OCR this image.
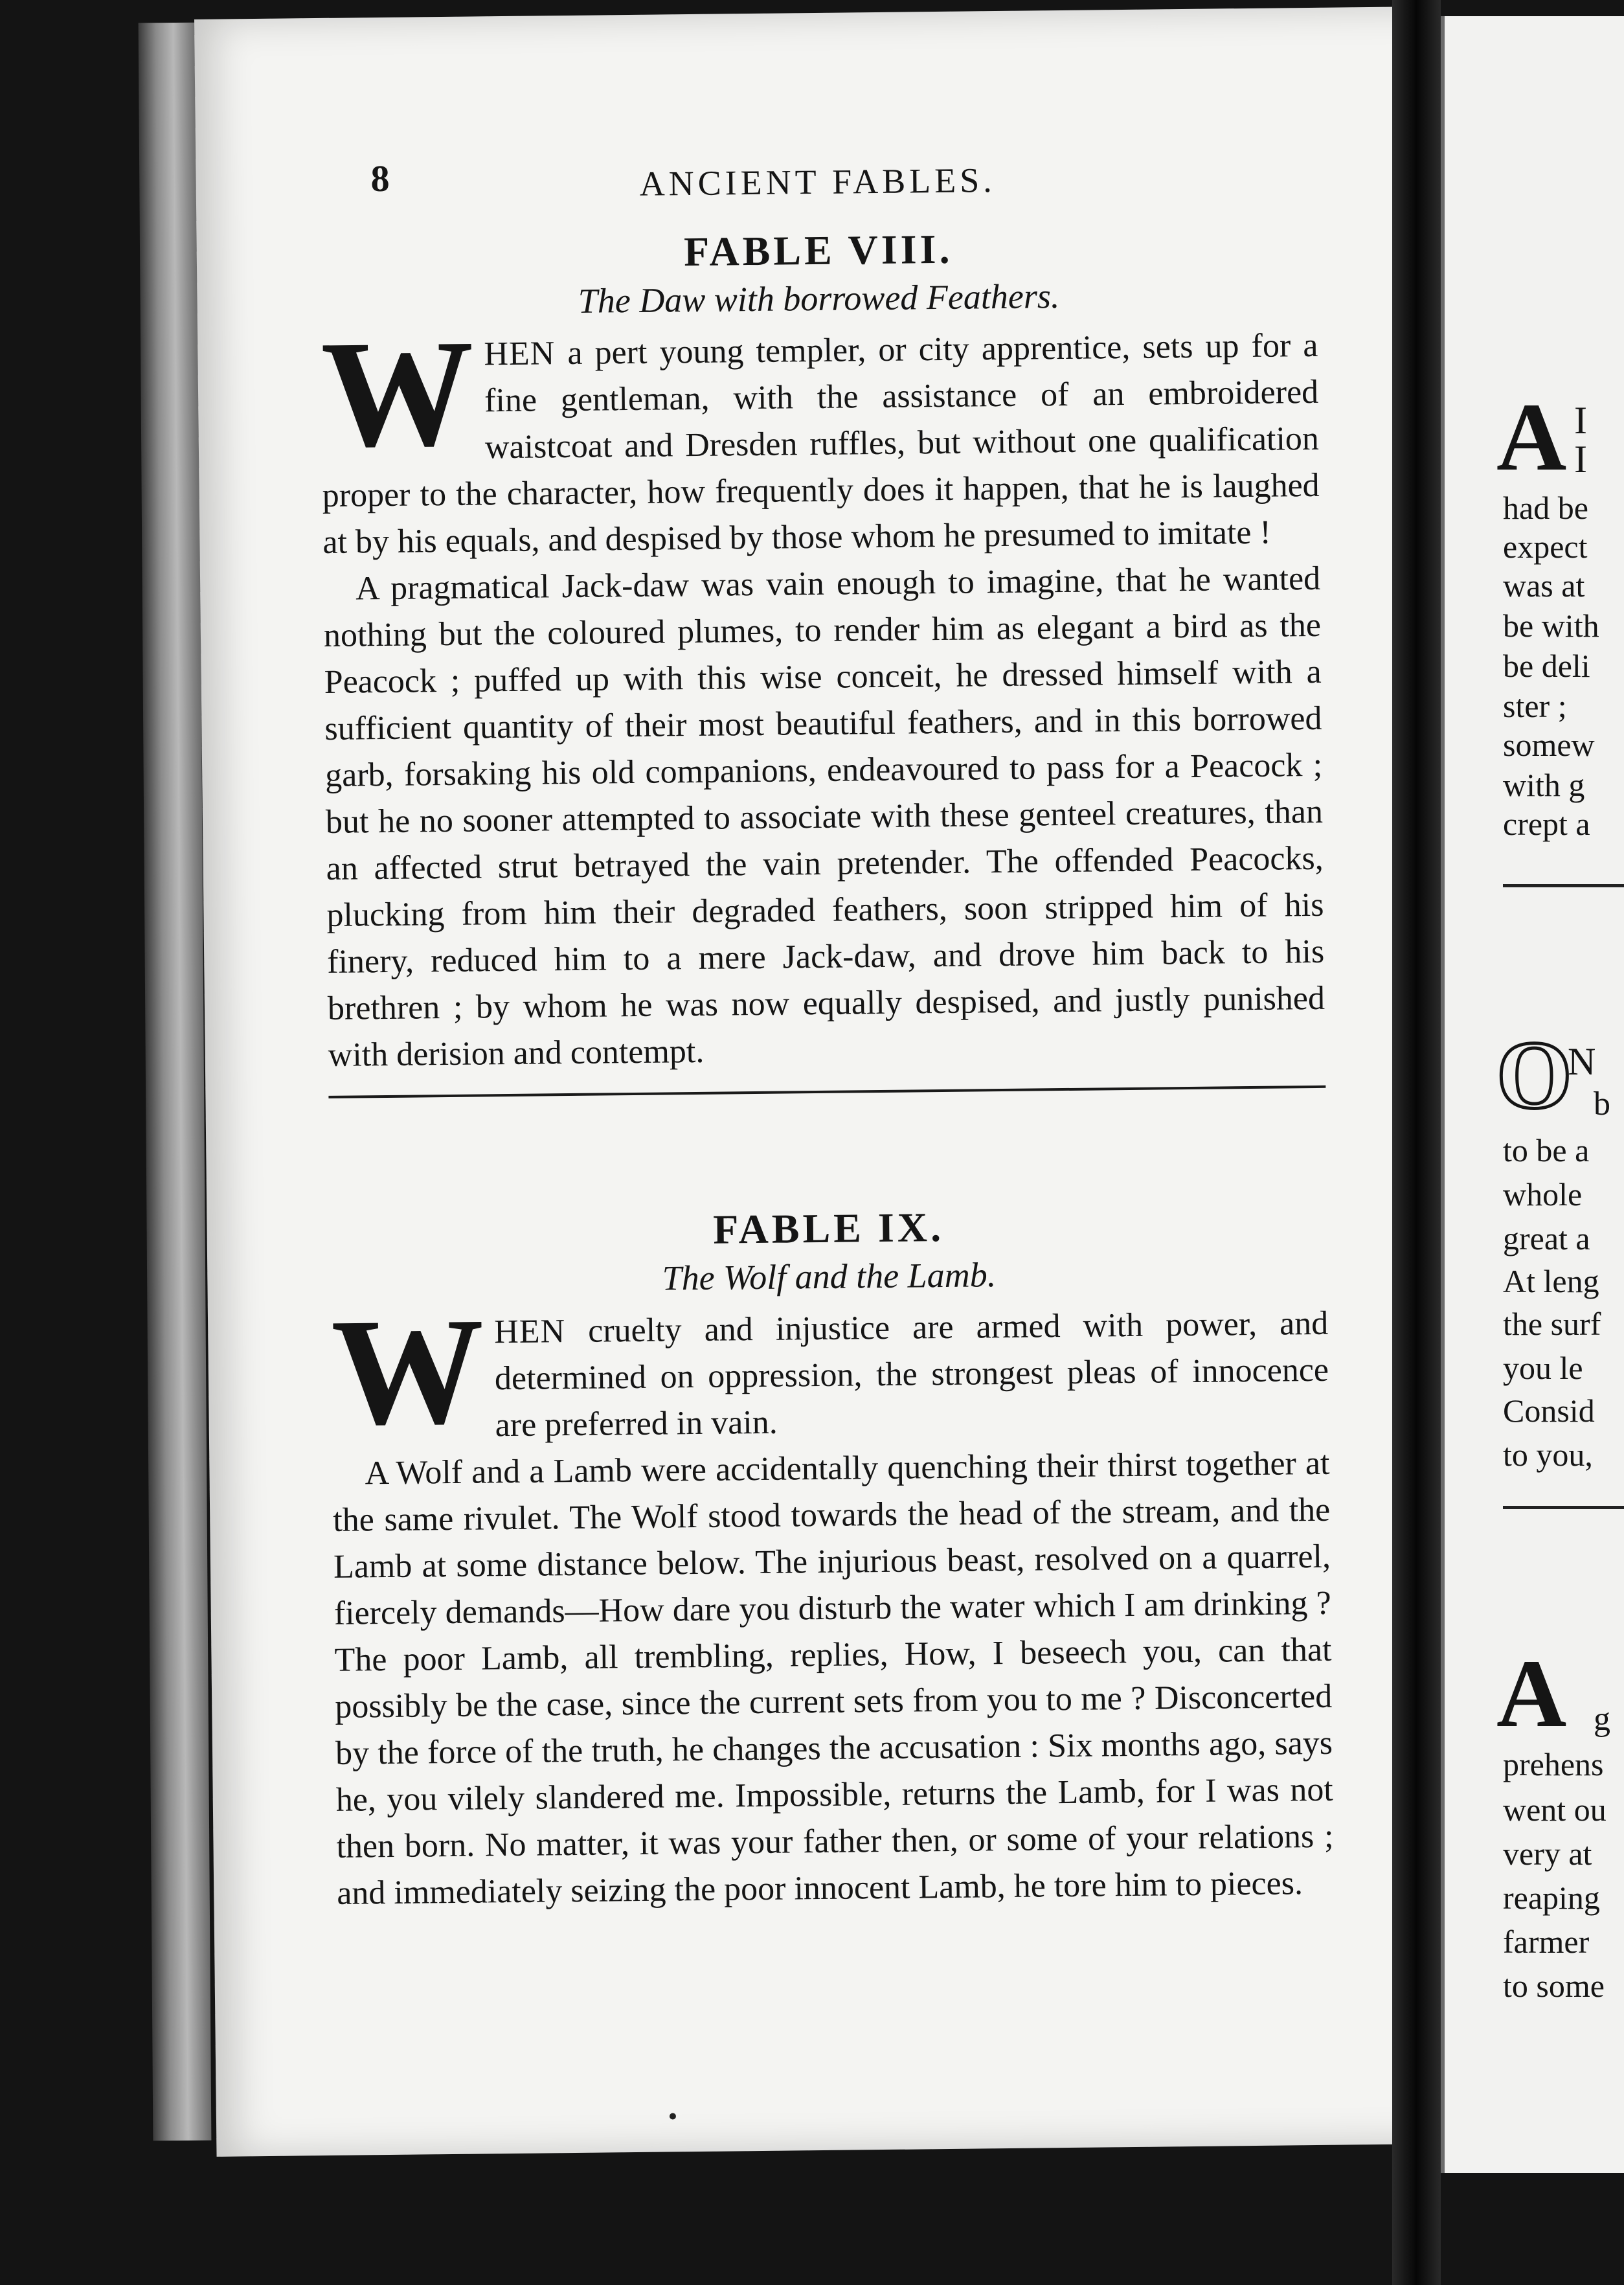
8	ANCIENT FABLES.
FABLE VIII.
The Daw with borrowed Feathers.

WHEN a pert young templer, or city apprentice, sets up for a fine gentleman, with the assistance of an embroidered waistcoat and Dresden ruffles, but without one qualification proper to the character, how frequently does it happen, that he is laughed at by his equals, and despised by those whom he presumed to imitate !

A pragmatical Jack-daw was vain enough to imagine, that he wanted nothing but the coloured plumes, to render him as elegant a bird as the Peacock ; puffed up with this wise conceit, he dressed himself with a sufficient quantity of their most beautiful feathers, and in this borrowed garb, forsaking his old companions, endeavoured to pass for a Peacock ; but he no sooner attempted to associate with these genteel creatures, than an affected strut betrayed the vain pretender. The offended Peacocks, plucking from him their degraded feathers, soon stripped him of his finery, reduced him to a mere Jack-daw, and drove him back to his brethren ; by whom he was now equally despised, and justly punished with derision and contempt.

FABLE IX.
The Wolf and the Lamb.

WHEN cruelty and injustice are armed with power, and determined on oppression, the strongest pleas of innocence are preferred in vain.

A Wolf and a Lamb were accidentally quenching their thirst together at the same rivulet. The Wolf stood towards the head of the stream, and the Lamb at some distance below. The injurious beast, resolved on a quarrel, fiercely demands—How dare you disturb the water which I am drinking ? The poor Lamb, all trembling, replies, How, I beseech you, can that possibly be the case, since the current sets from you to me ? Disconcerted by the force of the truth, he changes the accusation : Six months ago, says he, you vilely slandered me. Impossible, returns the Lamb, for I was not then born. No matter, it was your father then, or some of your relations ; and immediately seizing the poor innocent Lamb, he tore him to pieces.

A I
I
had be
expect
was at
be with
be deli
ster ;
somew
with g
crept a
O
N
b
to be a
whole
great a
At leng
the surf
you le
Consid
to you,
A g
prehens
went ou
very at
reaping
farmer
to some
